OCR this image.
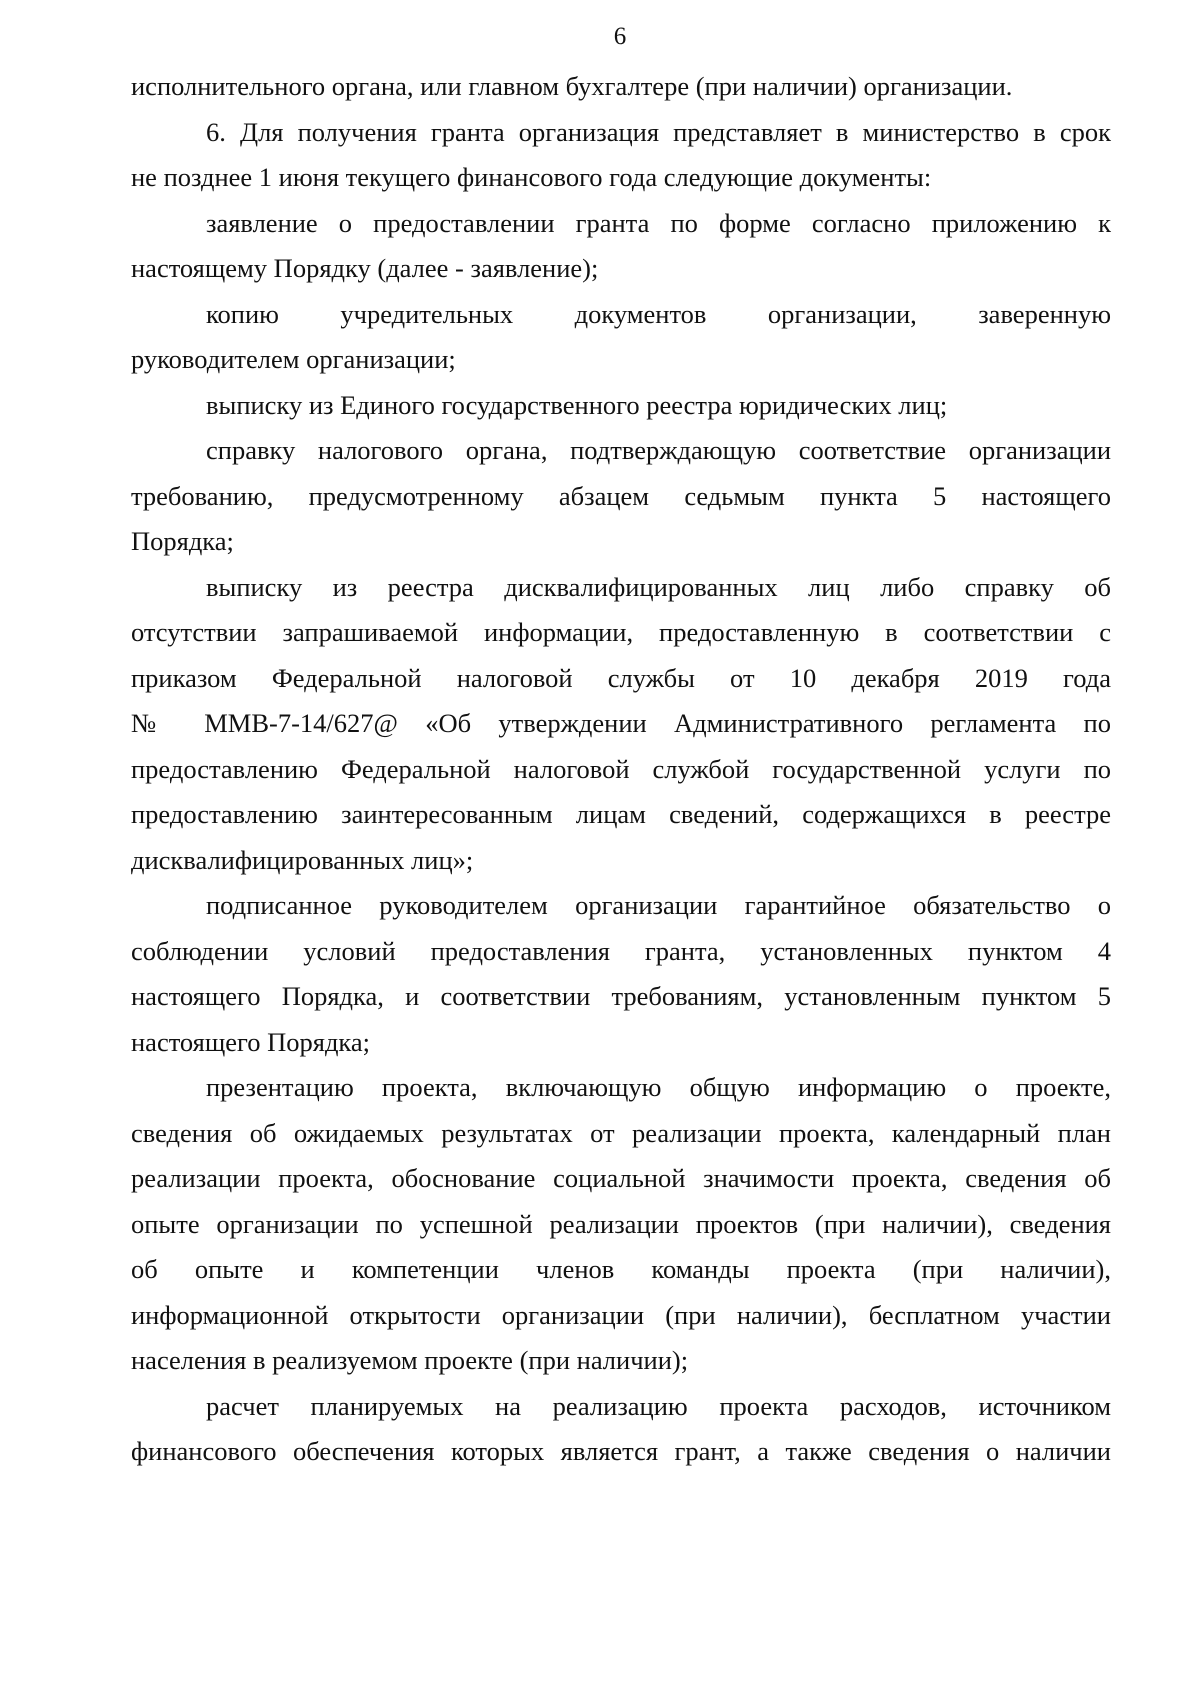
6
исполнительного органа, или главном бухгалтере (при наличии) организации.
6. Для получения гранта организация представляет в министерство в срок
не позднее 1 июня текущего финансового года следующие документы:
заявление о предоставлении гранта по форме согласно приложению к
настоящему Порядку (далее - заявление);
копию учредительных документов организации, заверенную
руководителем организации;
выписку из Единого государственного реестра юридических лиц;
справку налогового органа, подтверждающую соответствие организации
требованию, предусмотренному абзацем седьмым пункта 5 настоящего
Порядка;
выписку из реестра дисквалифицированных лиц либо справку об
отсутствии запрашиваемой информации, предоставленную в соответствии с
приказом Федеральной налоговой службы от 10 декабря 2019 года
№ ММВ-7-14/627@ «Об утверждении Административного регламента по
предоставлению Федеральной налоговой службой государственной услуги по
предоставлению заинтересованным лицам сведений, содержащихся в реестре
дисквалифицированных лиц»;
подписанное руководителем организации гарантийное обязательство о
соблюдении условий предоставления гранта, установленных пунктом 4
настоящего Порядка, и соответствии требованиям, установленным пунктом 5
настоящего Порядка;
презентацию проекта, включающую общую информацию о проекте,
сведения об ожидаемых результатах от реализации проекта, календарный план
реализации проекта, обоснование социальной значимости проекта, сведения об
опыте организации по успешной реализации проектов (при наличии), сведения
об опыте и компетенции членов команды проекта (при наличии),
информационной открытости организации (при наличии), бесплатном участии
населения в реализуемом проекте (при наличии);
расчет планируемых на реализацию проекта расходов, источником
финансового обеспечения которых является грант, а также сведения о наличии
